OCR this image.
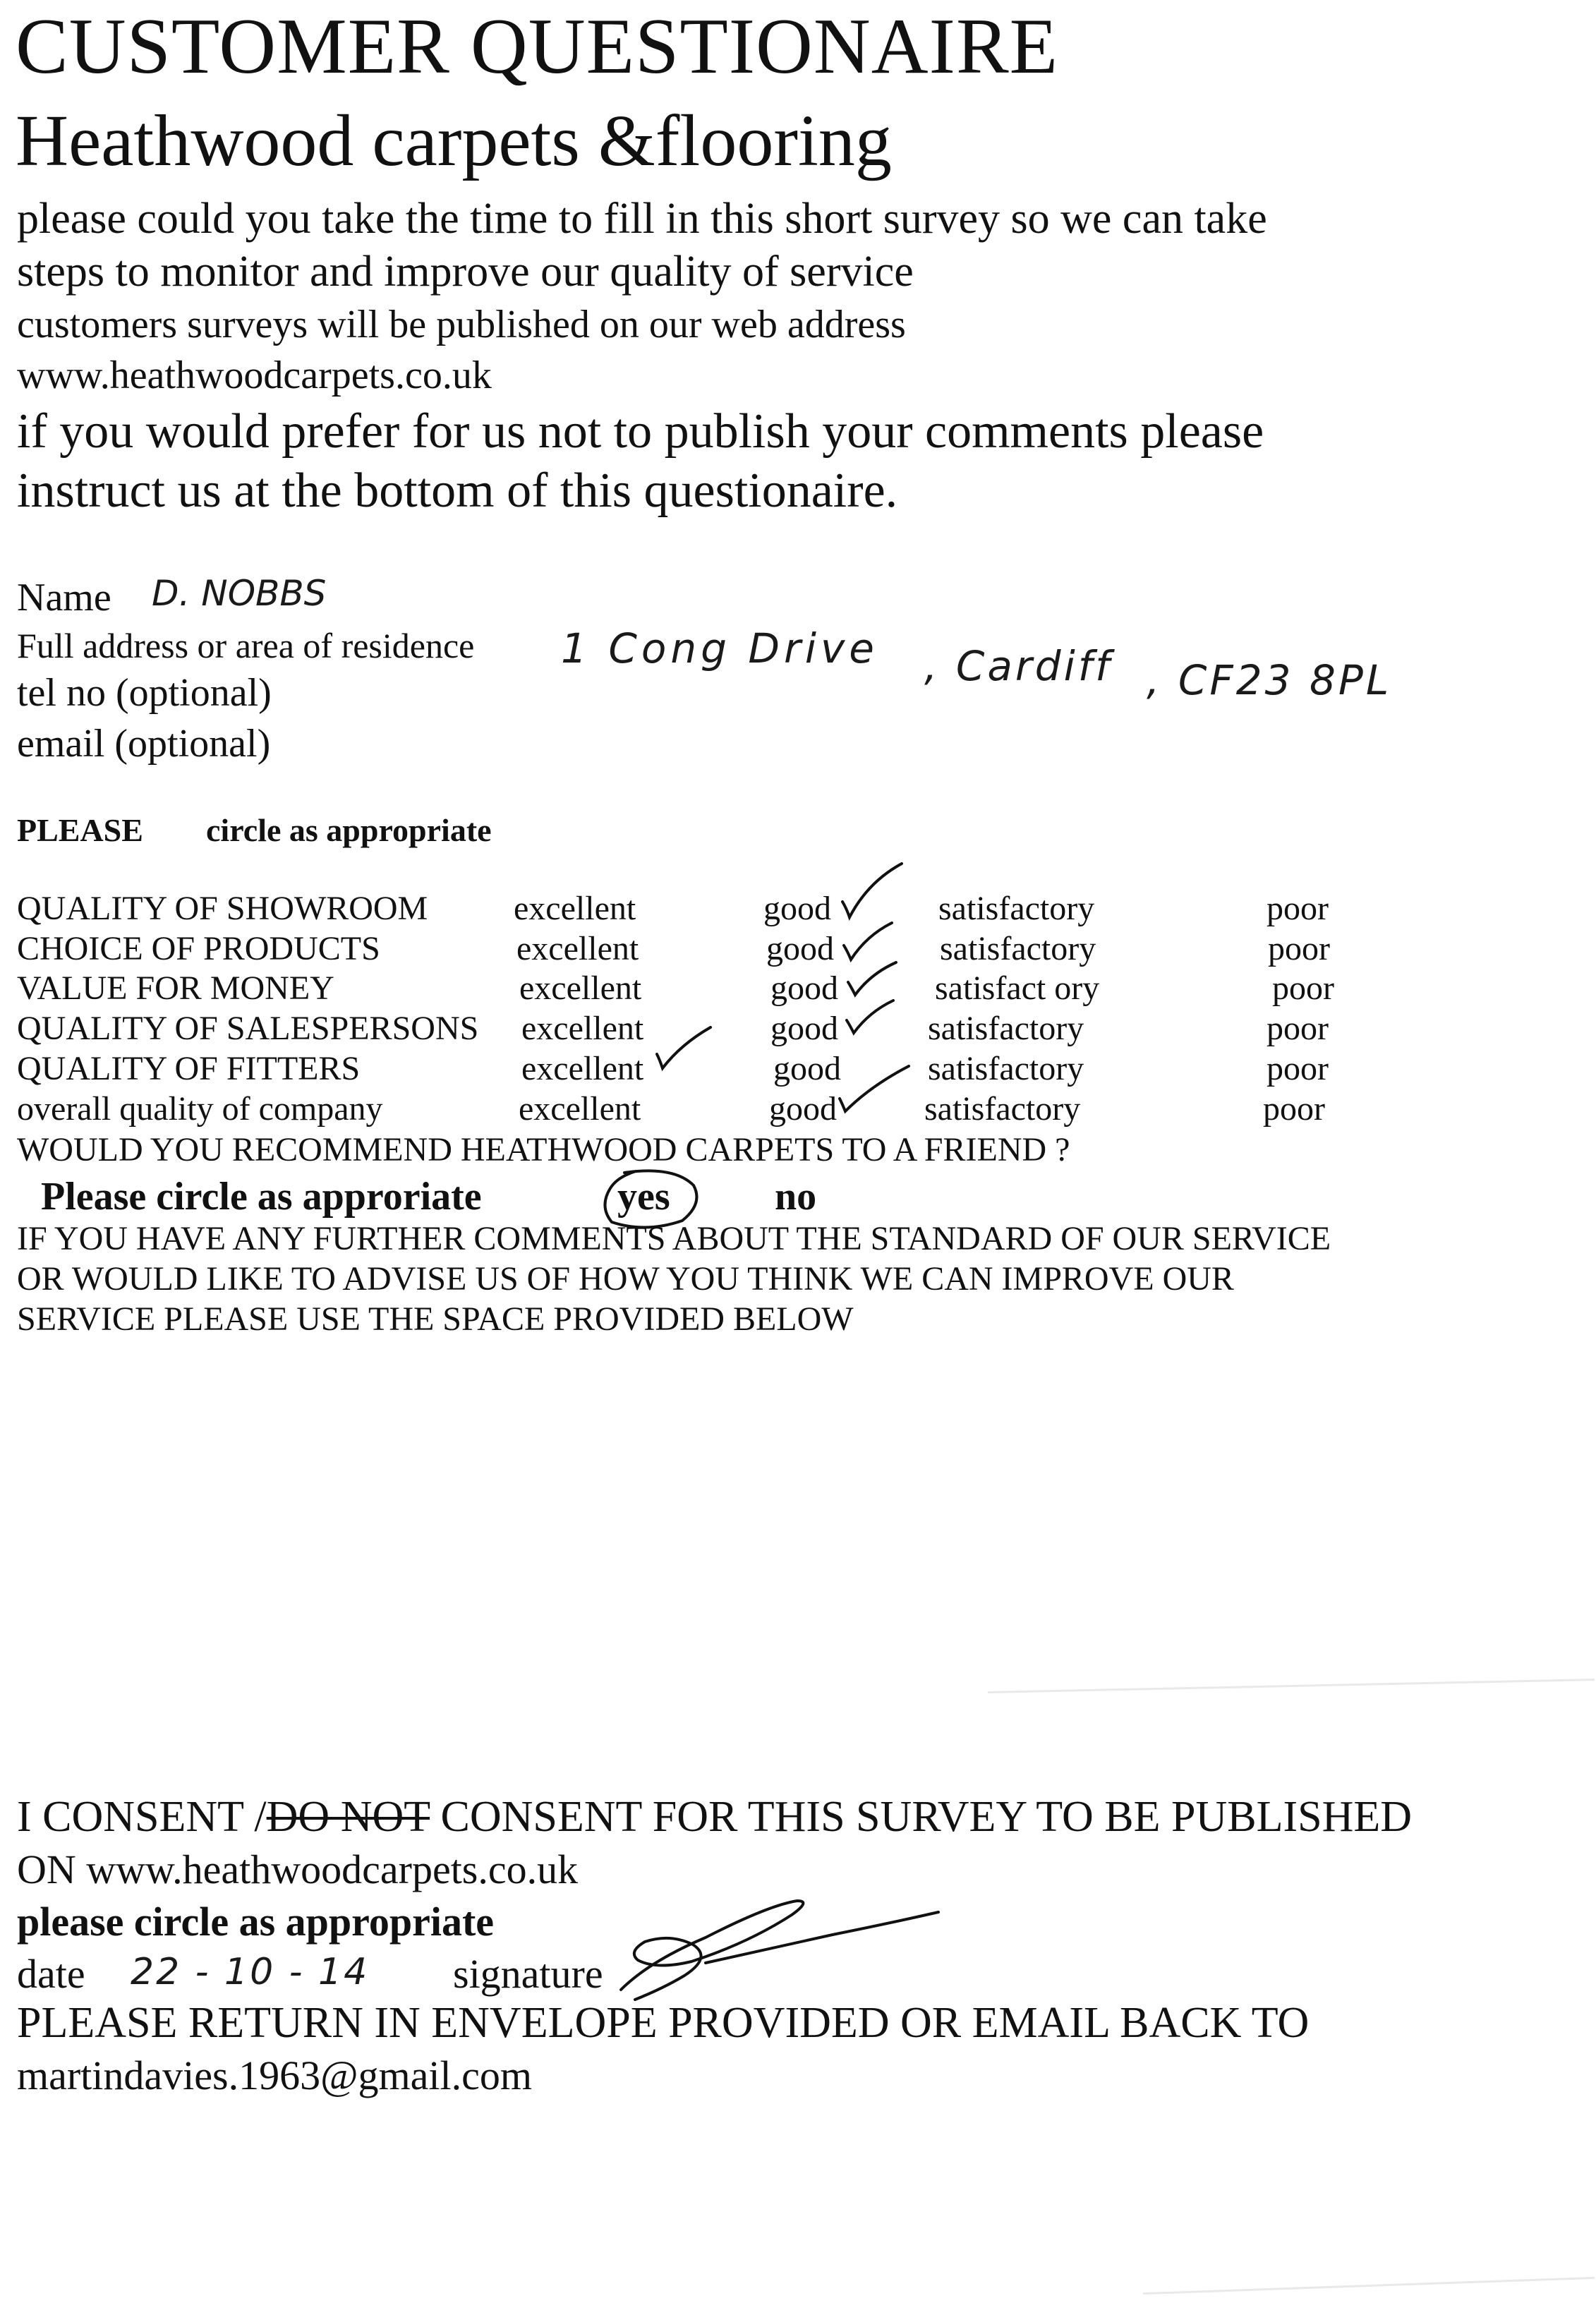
CUSTOMER QUESTIONAIRE
Heathwood carpets &flooring
please could you take the time to fill in this short survey so we can take
steps to monitor and improve our quality of service
customers surveys will be published on our web address
www.heathwoodcarpets.co.uk
if you would prefer for us not to publish your comments please
instruct us at the bottom of this questionaire.
Name D. NOBBS
Full address or area of residence 1 Cong Drive , Cardiff , CF23 8PL
tel no (optional)
email (optional)
PLEASE circle as appropriate
QUALITY OF SHOWROOM	excellent	good	satisfactory	poor
CHOICE OF PRODUCTS	excellent	good	satisfactory	poor
VALUE FOR MONEY	excellent	good	satisfact ory	poor
QUALITY OF SALESPERSONS excellent	good	satisfactory	poor
QUALITY OF FITTERS	excellent	good	satisfactory	poor
overall quality of company	excellent	good	satisfactory	poor
WOULD YOU RECOMMEND HEATHWOOD CARPETS TO A FRIEND ?
Please circle as approriate	yes	no
IF YOU HAVE ANY FURTHER COMMENTS ABOUT THE STANDARD OF OUR SERVICE
OR WOULD LIKE TO ADVISE US OF HOW YOU THINK WE CAN IMPROVE OUR
SERVICE PLEASE USE THE SPACE PROVIDED BELOW
I CONSENT /DO NOT CONSENT FOR THIS SURVEY TO BE PUBLISHED
ON www.heathwoodcarpets.co.uk
please circle as appropriate
date 22 - 10 - 14 signature
PLEASE RETURN IN ENVELOPE PROVIDED OR EMAIL BACK TO
martindavies.1963@gmail.com
